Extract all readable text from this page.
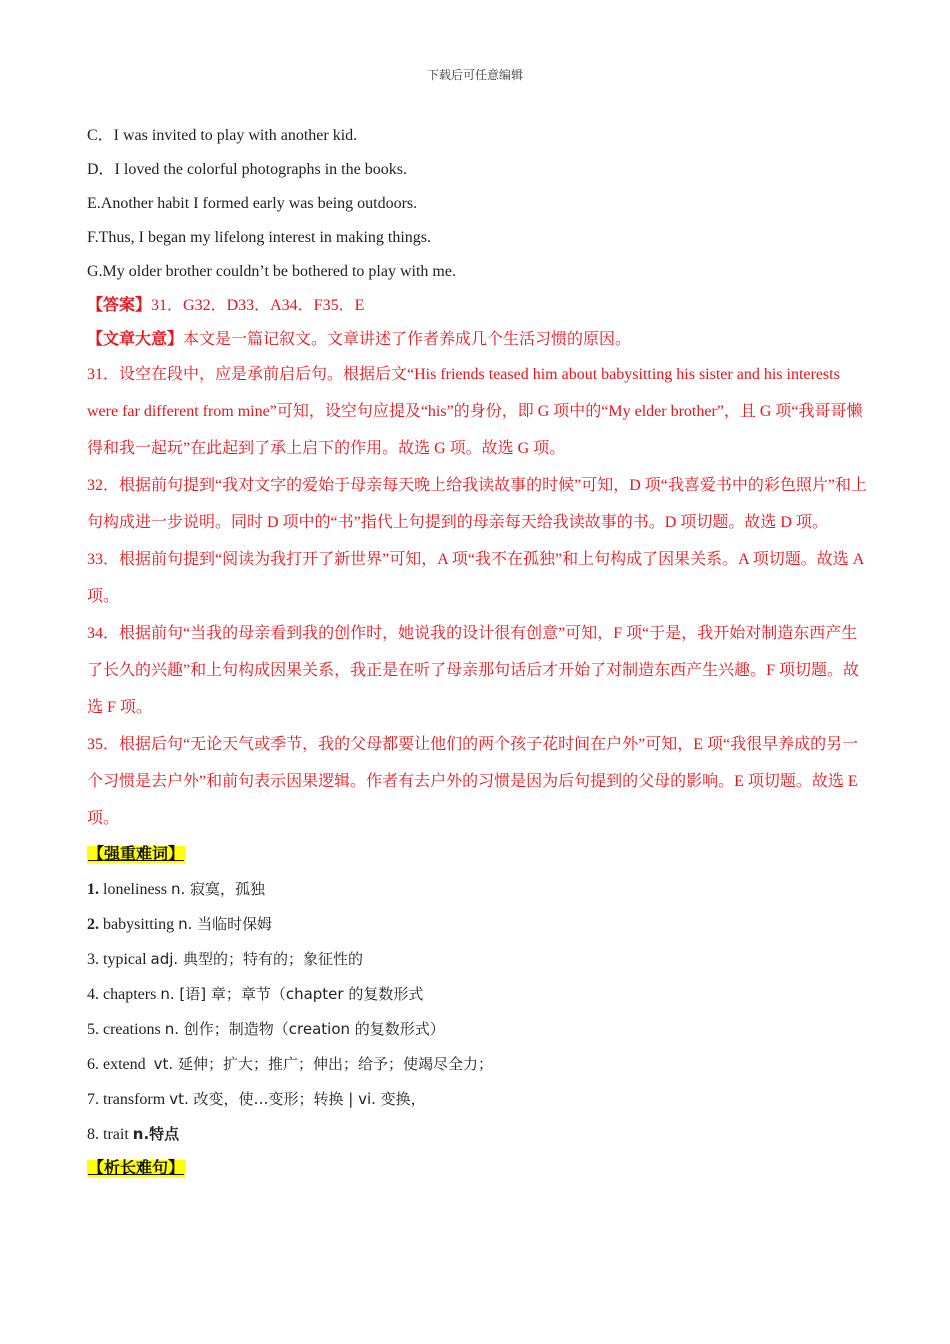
下载后可任意编辑
C．I was invited to play with another kid.
D．I loved the colorful photographs in the books.
E.Another habit I formed early was being outdoors.
F.Thus, I began my lifelong interest in making things.
G.My older brother couldn’t be bothered to play with me.
【答案】31．G32．D33．A34．F35．E
【文章大意】本文是一篇记叙文。文章讲述了作者养成几个生活习惯的原因。
31．设空在段中，应是承前启后句。根据后文“His friends teased him about babysitting his sister and his interests were far different from mine”可知，设空句应提及“his”的身份，即 G 项中的“My elder brother”，且 G 项“我哥哥懒得和我一起玩”在此起到了承上启下的作用。故选 G 项。故选 G 项。
32．根据前句提到“我对文字的爱始于母亲每天晚上给我读故事的时候”可知，D 项“我喜爱书中的彩色照片”和上句构成进一步说明。同时 D 项中的“书”指代上句提到的母亲每天给我读故事的书。D 项切题。故选 D 项。
33．根据前句提到“阅读为我打开了新世界”可知，A 项“我不在孤独”和上句构成了因果关系。A 项切题。故选 A 项。
34．根据前句“当我的母亲看到我的创作时，她说我的设计很有创意”可知，F 项“于是，我开始对制造东西产生了长久的兴趣”和上句构成因果关系，我正是在听了母亲那句话后才开始了对制造东西产生兴趣。F 项切题。故选 F 项。
35．根据后句“无论天气或季节，我的父母都要让他们的两个孩子花时间在户外”可知，E 项“我很早养成的另一个习惯是去户外”和前句表示因果逻辑。作者有去户外的习惯是因为后句提到的父母的影响。E 项切题。故选 E 项。
【强重难词】
1. loneliness n. 寂寞，孤独
2. babysitting n. 当临时保姆
3. typical adj. 典型的；特有的；象征性的
4. chapters n. [语] 章；章节（chapter 的复数形式
5. creations n. 创作；制造物（creation 的复数形式）
6. extend  vt. 延伸；扩大；推广；伸出；给予；使竭尽全力；
7. transform vt. 改变，使…变形；转换 | vi. 变换，
8. trait n.特点
【析长难句】
